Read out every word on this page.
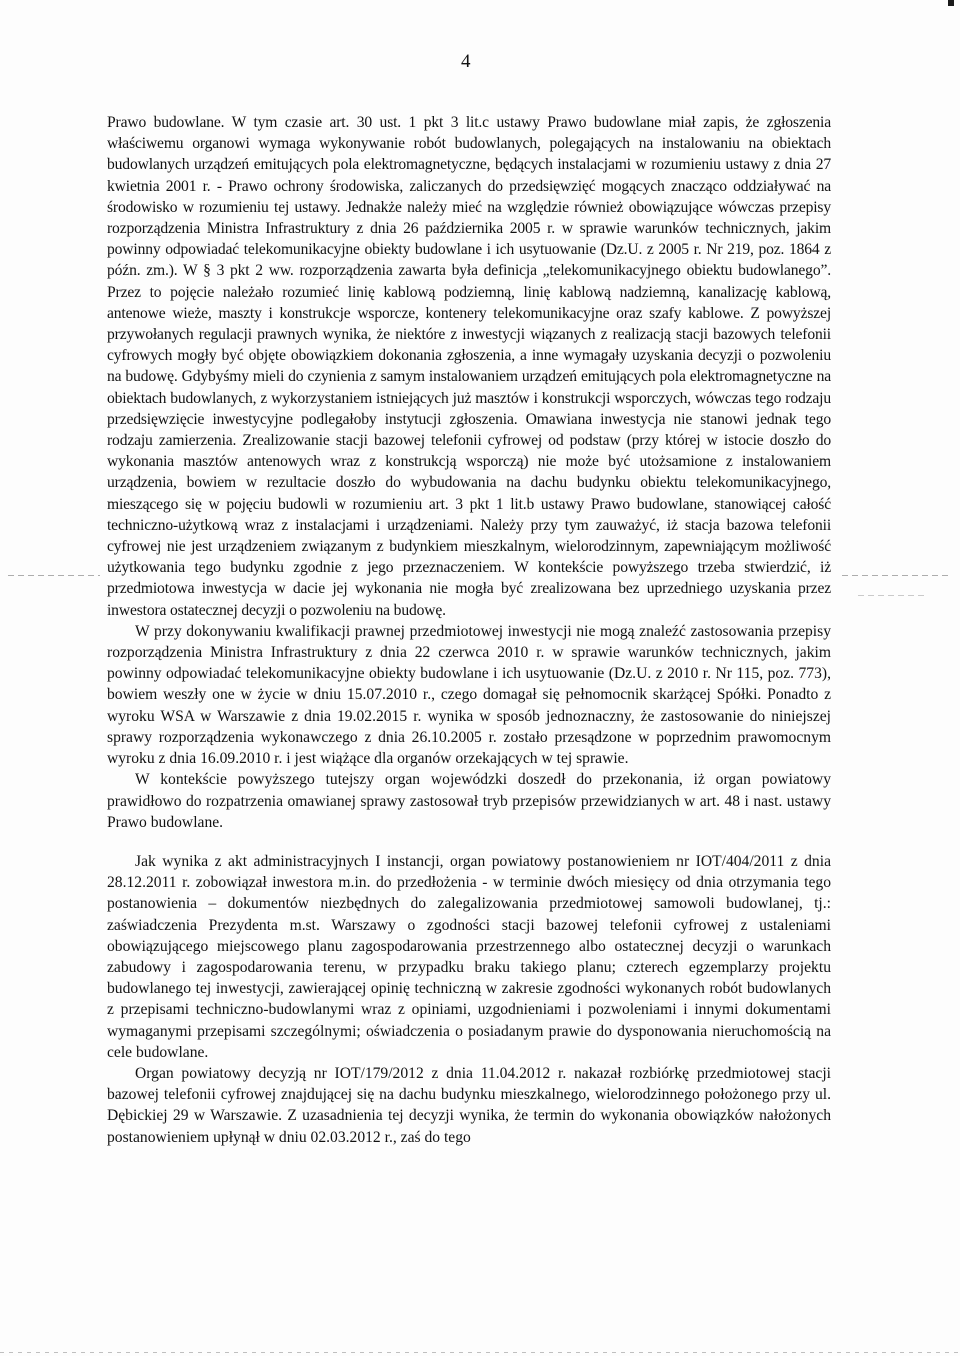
4

Prawo budowlane. W tym czasie art. 30 ust. 1 pkt 3 lit.c ustawy Prawo budowlane miał zapis, że zgłoszenia właściwemu organowi wymaga wykonywanie robót budowlanych, polegających na instalowaniu na obiektach budowlanych urządzeń emitujących pola elektromagnetyczne, będących instalacjami w rozumieniu ustawy z dnia 27 kwietnia 2001 r. - Prawo ochrony środowiska, zaliczanych do przedsięwzięć mogących znacząco oddziaływać na środowisko w rozumieniu tej ustawy. Jednakże należy mieć na względzie również obowiązujące wówczas przepisy rozporządzenia Ministra Infrastruktury z dnia 26 października 2005 r. w sprawie warunków technicznych, jakim powinny odpowiadać telekomunikacyjne obiekty budowlane i ich usytuowanie (Dz.U. z 2005 r. Nr 219, poz. 1864 z późn. zm.). W § 3 pkt 2 ww. rozporządzenia zawarta była definicja „telekomunikacyjnego obiektu budowlanego”. Przez to pojęcie należało rozumieć linię kablową podziemną, linię kablową nadziemną, kanalizację kablową, antenowe wieże, maszty i konstrukcje wsporcze, kontenery telekomunikacyjne oraz szafy kablowe. Z powyższej przywołanych regulacji prawnych wynika, że niektóre z inwestycji wiązanych z realizacją stacji bazowych telefonii cyfrowych mogły być objęte obowiązkiem dokonania zgłoszenia, a inne wymagały uzyskania decyzji o pozwoleniu na budowę. Gdybyśmy mieli do czynienia z samym instalowaniem urządzeń emitujących pola elektromagnetyczne na obiektach budowlanych, z wykorzystaniem istniejących już masztów i konstrukcji wsporczych, wówczas tego rodzaju przedsięwzięcie inwestycyjne podlegałoby instytucji zgłoszenia. Omawiana inwestycja nie stanowi jednak tego rodzaju zamierzenia. Zrealizowanie stacji bazowej telefonii cyfrowej od podstaw (przy której w istocie doszło do wykonania masztów antenowych wraz z konstrukcją wsporczą) nie może być utożsamione z instalowaniem urządzenia, bowiem w rezultacie doszło do wybudowania na dachu budynku obiektu telekomunikacyjnego, mieszącego się w pojęciu budowli w rozumieniu art. 3 pkt 1 lit.b ustawy Prawo budowlane, stanowiącej całość techniczno-użytkową wraz z instalacjami i urządzeniami. Należy przy tym zauważyć, iż stacja bazowa telefonii cyfrowej nie jest urządzeniem związanym z budynkiem mieszkalnym, wielorodzinnym, zapewniającym możliwość użytkowania tego budynku zgodnie z jego przeznaczeniem. W kontekście powyższego trzeba stwierdzić, iż przedmiotowa inwestycja w dacie jej wykonania nie mogła być zrealizowana bez uprzedniego uzyskania przez inwestora ostatecznej decyzji o pozwoleniu na budowę.

W przy dokonywaniu kwalifikacji prawnej przedmiotowej inwestycji nie mogą znaleźć zastosowania przepisy rozporządzenia Ministra Infrastruktury z dnia 22 czerwca 2010 r. w sprawie warunków technicznych, jakim powinny odpowiadać telekomunikacyjne obiekty budowlane i ich usytuowanie (Dz.U. z 2010 r. Nr 115, poz. 773), bowiem weszły one w życie w dniu 15.07.2010 r., czego domagał się pełnomocnik skarżącej Spółki. Ponadto z wyroku WSA w Warszawie z dnia 19.02.2015 r. wynika w sposób jednoznaczny, że zastosowanie do niniejszej sprawy rozporządzenia wykonawczego z dnia 26.10.2005 r. zostało przesądzone w poprzednim prawomocnym wyroku z dnia 16.09.2010 r. i jest wiążące dla organów orzekających w tej sprawie.

W kontekście powyższego tutejszy organ wojewódzki doszedł do przekonania, iż organ powiatowy prawidłowo do rozpatrzenia omawianej sprawy zastosował tryb przepisów przewidzianych w art. 48 i nast. ustawy Prawo budowlane.

Jak wynika z akt administracyjnych I instancji, organ powiatowy postanowieniem nr IOT/404/2011 z dnia 28.12.2011 r. zobowiązał inwestora m.in. do przedłożenia - w terminie dwóch miesięcy od dnia otrzymania tego postanowienia – dokumentów niezbędnych do zalegalizowania przedmiotowej samowoli budowlanej, tj.: zaświadczenia Prezydenta m.st. Warszawy o zgodności stacji bazowej telefonii cyfrowej z ustaleniami obowiązującego miejscowego planu zagospodarowania przestrzennego albo ostatecznej decyzji o warunkach zabudowy i zagospodarowania terenu, w przypadku braku takiego planu; czterech egzemplarzy projektu budowlanego tej inwestycji, zawierającej opinię techniczną w zakresie zgodności wykonanych robót budowlanych z przepisami techniczno-budowlanymi wraz z opiniami, uzgodnieniami i pozwoleniami i innymi dokumentami wymaganymi przepisami szczególnymi; oświadczenia o posiadanym prawie do dysponowania nieruchomością na cele budowlane.

Organ powiatowy decyzją nr IOT/179/2012 z dnia 11.04.2012 r. nakazał rozbiórkę przedmiotowej stacji bazowej telefonii cyfrowej znajdującej się na dachu budynku mieszkalnego, wielorodzinnego położonego przy ul. Dębickiej 29 w Warszawie. Z uzasadnienia tej decyzji wynika, że termin do wykonania obowiązków nałożonych postanowieniem upłynął w dniu 02.03.2012 r., zaś do tego
